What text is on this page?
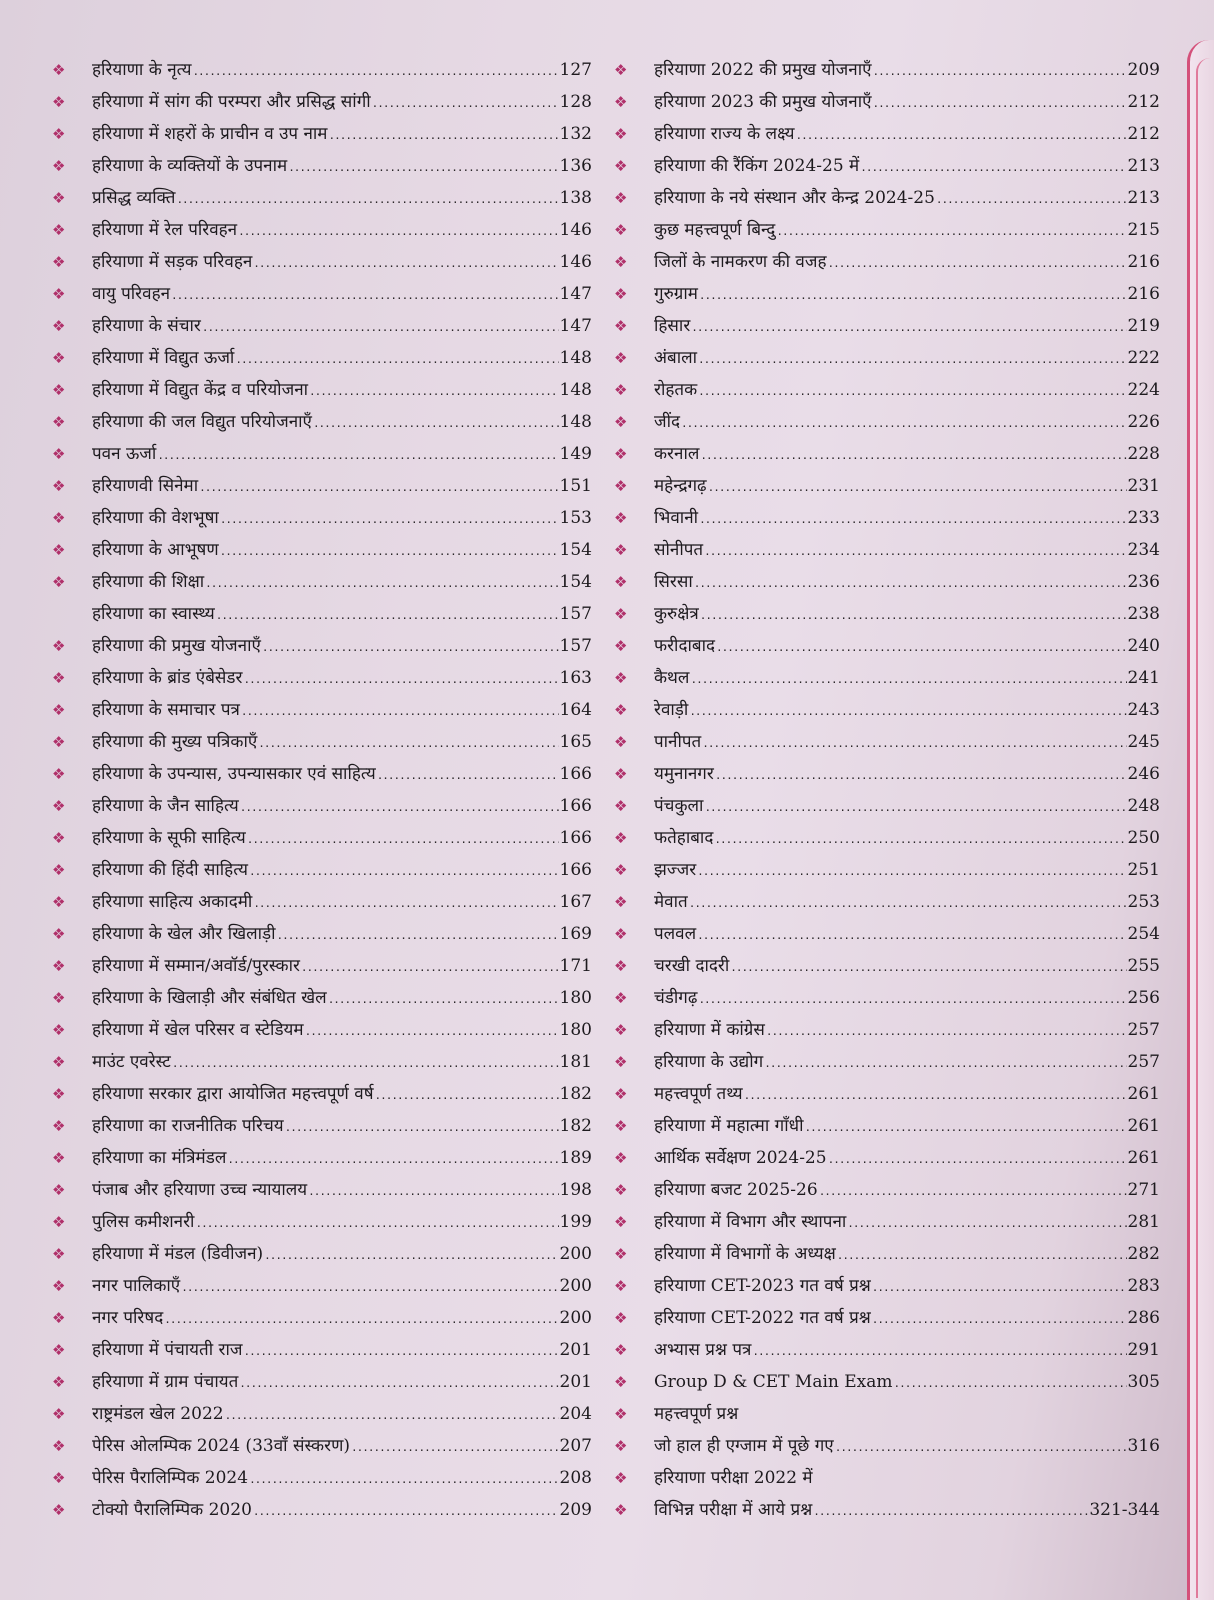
❖	हरियाणा के नृत्य .....	127
❖	हरियाणा में सांग की परम्परा और प्रसिद्ध सांगी .....	128
❖	हरियाणा में शहरों के प्राचीन व उप नाम .....	132
❖	हरियाणा के व्यक्तियों के उपनाम .....	136
❖	प्रसिद्ध व्यक्ति .....	138
❖	हरियाणा में रेल परिवहन .....	146
❖	हरियाणा में सड़क परिवहन .....	146
❖	वायु परिवहन .....	147
❖	हरियाणा के संचार .....	147
❖	हरियाणा में विद्युत ऊर्जा .....	148
❖	हरियाणा में विद्युत केंद्र व परियोजना .....	148
❖	हरियाणा की जल विद्युत परियोजनाएँ .....	148
❖	पवन ऊर्जा .....	149
❖	हरियाणवी सिनेमा .....	151
❖	हरियाणा की वेशभूषा .....	153
❖	हरियाणा के आभूषण .....	154
❖	हरियाणा की शिक्षा .....	154
हरियाणा का स्वास्थ्य .....	157
❖	हरियाणा की प्रमुख योजनाएँ .....	157
❖	हरियाणा के ब्रांड एंबेसेडर .....	163
❖	हरियाणा के समाचार पत्र .....	164
❖	हरियाणा की मुख्य पत्रिकाएँ .....	165
❖	हरियाणा के उपन्यास, उपन्यासकार एवं साहित्य .....	166
❖	हरियाणा के जैन साहित्य .....	166
❖	हरियाणा के सूफी साहित्य .....	166
❖	हरियाणा की हिंदी साहित्य .....	166
❖	हरियाणा साहित्य अकादमी .....	167
❖	हरियाणा के खेल और खिलाड़ी .....	169
❖	हरियाणा में सम्मान/अवॉर्ड/पुरस्कार .....	171
❖	हरियाणा के खिलाड़ी और संबंधित खेल .....	180
❖	हरियाणा में खेल परिसर व स्टेडियम .....	180
❖	माउंट एवरेस्ट .....	181
❖	हरियाणा सरकार द्वारा आयोजित महत्त्वपूर्ण वर्ष .....	182
❖	हरियाणा का राजनीतिक परिचय .....	182
❖	हरियाणा का मंत्रिमंडल .....	189
❖	पंजाब और हरियाणा उच्च न्यायालय .....	198
❖	पुलिस कमीशनरी .....	199
❖	हरियाणा में मंडल (डिवीजन) .....	200
❖	नगर पालिकाएँ .....	200
❖	नगर परिषद .....	200
❖	हरियाणा में पंचायती राज .....	201
❖	हरियाणा में ग्राम पंचायत .....	201
❖	राष्ट्रमंडल खेल 2022 .....	204
❖	पेरिस ओलम्पिक 2024 (33वाँ संस्करण) .....	207
❖	पेरिस पैरालिम्पिक 2024 .....	208
❖	टोक्यो पैरालिम्पिक 2020 .....	209
❖	हरियाणा 2022 की प्रमुख योजनाएँ .....	209
❖	हरियाणा 2023 की प्रमुख योजनाएँ .....	212
❖	हरियाणा राज्य के लक्ष्य .....	212
❖	हरियाणा की रैंकिंग 2024-25 में .....	213
❖	हरियाणा के नये संस्थान और केन्द्र 2024-25 .....	213
❖	कुछ महत्त्वपूर्ण बिन्दु .....	215
❖	जिलों के नामकरण की वजह .....	216
❖	गुरुग्राम .....	216
❖	हिसार .....	219
❖	अंबाला .....	222
❖	रोहतक .....	224
❖	जींद .....	226
❖	करनाल .....	228
❖	महेन्द्रगढ़ .....	231
❖	भिवानी .....	233
❖	सोनीपत .....	234
❖	सिरसा .....	236
❖	कुरुक्षेत्र .....	238
❖	फरीदाबाद .....	240
❖	कैथल .....	241
❖	रेवाड़ी .....	243
❖	पानीपत .....	245
❖	यमुनानगर .....	246
❖	पंचकुला .....	248
❖	फतेहाबाद .....	250
❖	झज्जर .....	251
❖	मेवात .....	253
❖	पलवल .....	254
❖	चरखी दादरी .....	255
❖	चंडीगढ़ .....	256
❖	हरियाणा में कांग्रेस .....	257
❖	हरियाणा के उद्योग .....	257
❖	महत्त्वपूर्ण तथ्य .....	261
❖	हरियाणा में महात्मा गाँधी .....	261
❖	आर्थिक सर्वेक्षण 2024-25 .....	261
❖	हरियाणा बजट 2025-26 .....	271
❖	हरियाणा में विभाग और स्थापना .....	281
❖	हरियाणा में विभागों के अध्यक्ष .....	282
❖	हरियाणा CET-2023 गत वर्ष प्रश्न .....	283
❖	हरियाणा CET-2022 गत वर्ष प्रश्न .....	286
❖	अभ्यास प्रश्न पत्र .....	291
❖	Group D & CET Main Exam .....	305
❖	महत्त्वपूर्ण प्रश्न
❖	जो हाल ही एग्जाम में पूछे गए .....	316
❖	हरियाणा परीक्षा 2022 में
❖	विभिन्न परीक्षा में आये प्रश्न .....	321-344
